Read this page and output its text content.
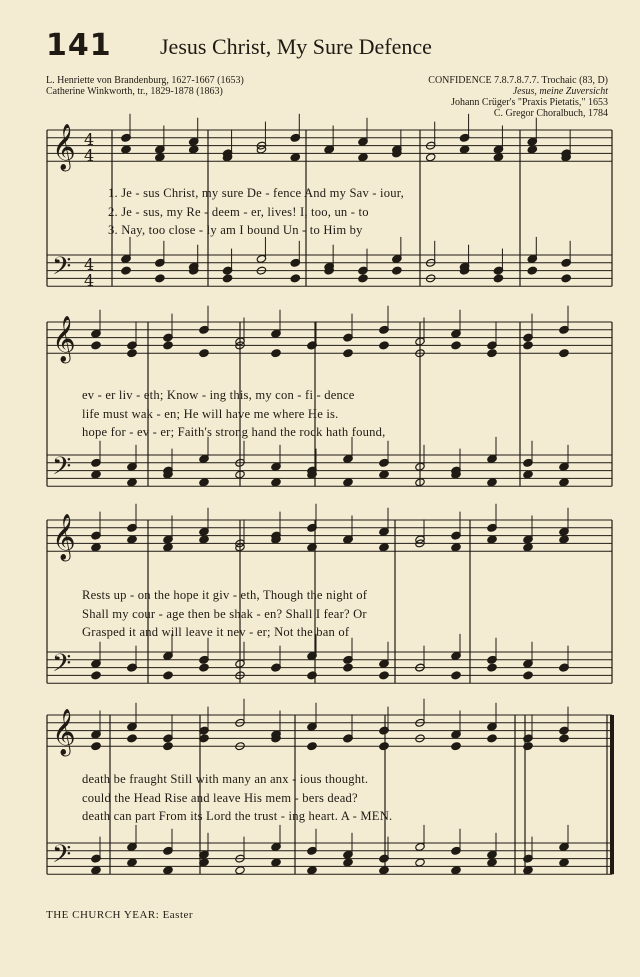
141 Jesus Christ, My Sure Defence
L. Henriette von Brandenburg, 1627-1667 (1653)
Catherine Winkworth, tr., 1829-1878 (1863)
CONFIDENCE 7.8.7.8.7.7. Trochaic (83, D)
Jesus, meine Zuversicht
Johann Crüger's "Praxis Pietatis," 1653
C. Gregor Choralbuch, 1784
𝄞
𝄢
4
4
4
4
𝄞
𝄢
𝄞
𝄢
𝄞
𝄢
1. Je - sus Christ, my sure De - fence And my Sav - iour,
2. Je - sus, my Re - deem - er, lives! I, too, un - to
3. Nay, too close - ly am I bound Un - to Him by
ev - er liv - eth; Know - ing this, my con - fi - dence
life must wak - en; He will have me where He is.
hope for - ev - er; Faith's strong hand the rock hath found,
Rests up - on the hope it giv - eth, Though the night of
Shall my cour - age then be shak - en? Shall I fear? Or
Grasped it and will leave it nev - er; Not the ban of
death be fraught Still with many an anx - ious thought.
could the Head Rise and leave His mem - bers dead?
death can part From its Lord the trust - ing heart. A - MEN.
THE CHURCH YEAR: Easter
